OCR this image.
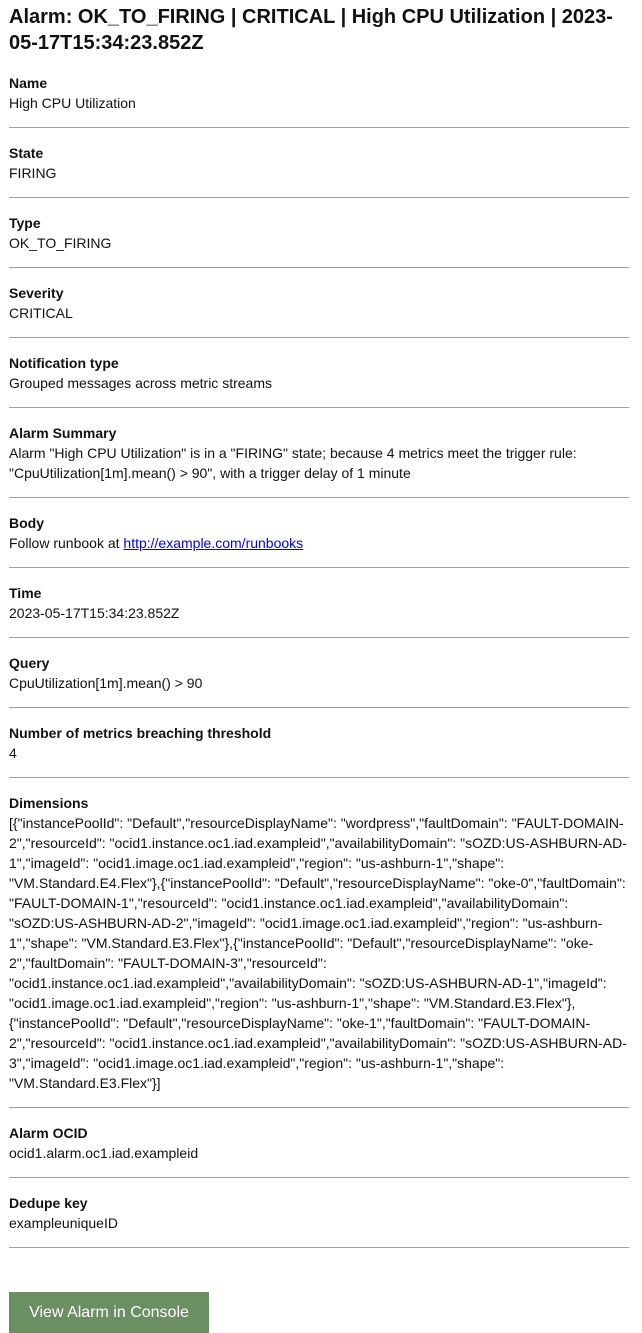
Alarm: OK_TO_FIRING | CRITICAL | High CPU Utilization | 2023-05-17T15:34:23.852Z
Name
High CPU Utilization
State
FIRING
Type
OK_TO_FIRING
Severity
CRITICAL
Notification type
Grouped messages across metric streams
Alarm Summary
Alarm "High CPU Utilization" is in a "FIRING" state; because 4 metrics meet the trigger rule: "CpuUtilization[1m].mean() > 90", with a trigger delay of 1 minute
Body
Follow runbook at http://example.com/runbooks
Time
2023-05-17T15:34:23.852Z
Query
CpuUtilization[1m].mean() > 90
Number of metrics breaching threshold
4
Dimensions
[{"instancePoolId": "Default","resourceDisplayName": "wordpress","faultDomain": "FAULT-DOMAIN-2","resourceId": "ocid1.instance.oc1.iad.exampleid","availabilityDomain": "sOZD:US-ASHBURN-AD-1","imageId": "ocid1.image.oc1.iad.exampleid","region": "us-ashburn-1","shape": "VM.Standard.E4.Flex"},{"instancePoolId": "Default","resourceDisplayName": "oke-0","faultDomain": "FAULT-DOMAIN-1","resourceId": "ocid1.instance.oc1.iad.exampleid","availabilityDomain": "sOZD:US-ASHBURN-AD-2","imageId": "ocid1.image.oc1.iad.exampleid","region": "us-ashburn-1","shape": "VM.Standard.E3.Flex"},{"instancePoolId": "Default","resourceDisplayName": "oke-2","faultDomain": "FAULT-DOMAIN-3","resourceId": "ocid1.instance.oc1.iad.exampleid","availabilityDomain": "sOZD:US-ASHBURN-AD-1","imageId": "ocid1.image.oc1.iad.exampleid","region": "us-ashburn-1","shape": "VM.Standard.E3.Flex"},{"instancePoolId": "Default","resourceDisplayName": "oke-1","faultDomain": "FAULT-DOMAIN-2","resourceId": "ocid1.instance.oc1.iad.exampleid","availabilityDomain": "sOZD:US-ASHBURN-AD-3","imageId": "ocid1.image.oc1.iad.exampleid","region": "us-ashburn-1","shape": "VM.Standard.E3.Flex"}]
Alarm OCID
ocid1.alarm.oc1.iad.exampleid
Dedupe key
exampleuniqueID
View Alarm in Console
